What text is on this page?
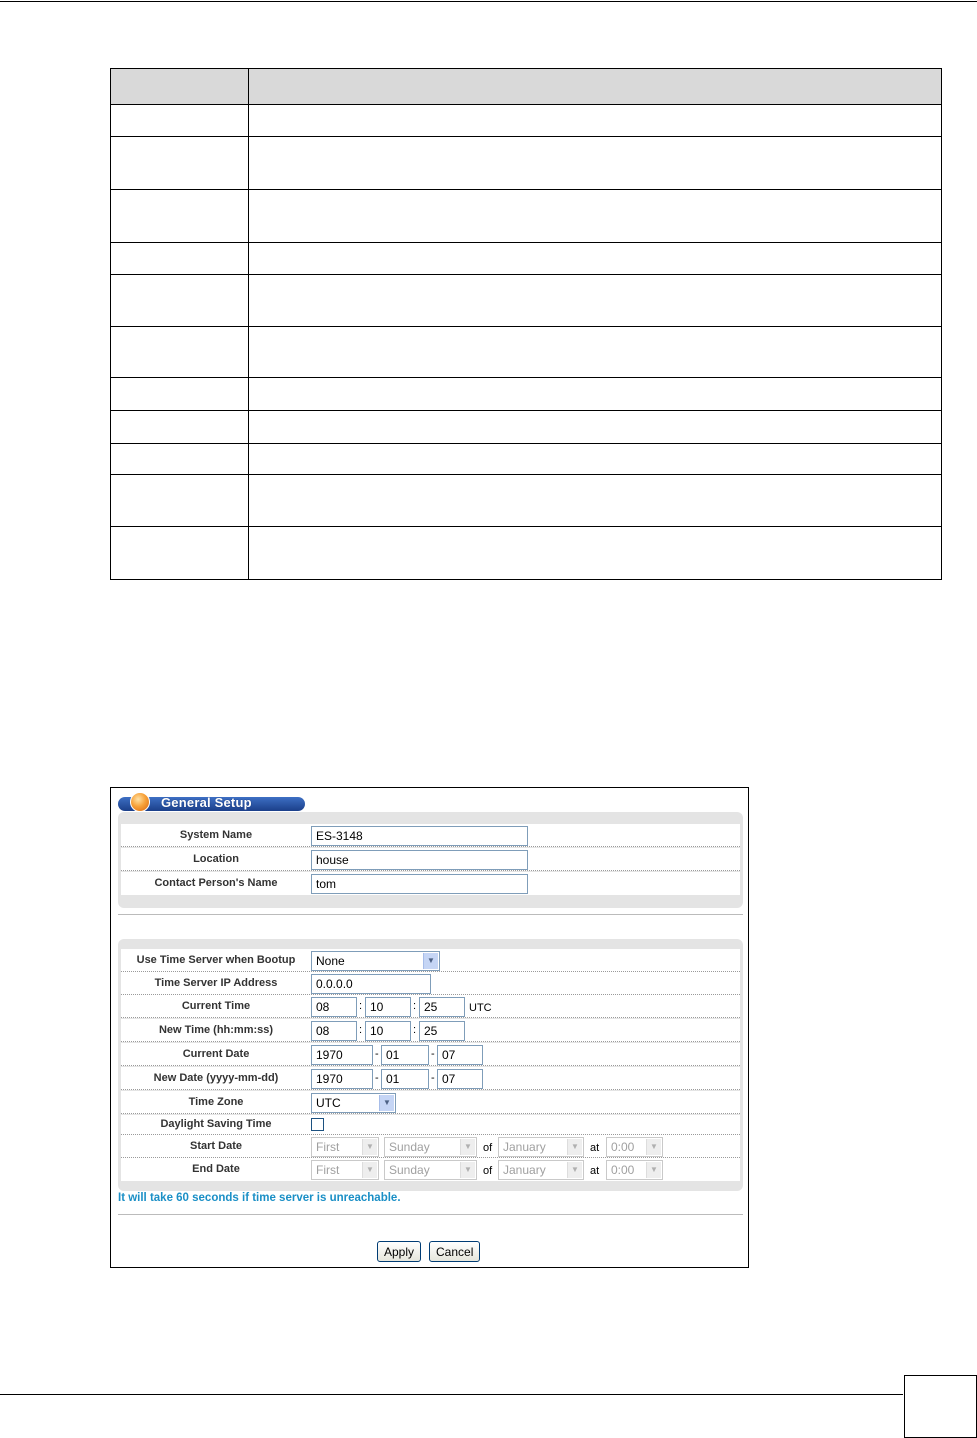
General Setup
System Name	ES-3148
Location	house
Contact Person's Name	tom
Use Time Server when Bootup	None	▼
Time Server IP Address	0.0.0.0
Current Time	08	: 10	: 25	UTC
New Time (hh:mm:ss)	08	: 10	: 25
Current Date	1970	- 01	- 07
New Date (yyyy-mm-dd)	1970	- 01	- 07
Time Zone	UTC	▼
Daylight Saving Time
Start Date	First	▼	Sunday	▼ of January	▼ at 0:00	▼
End Date	First	▼	Sunday	▼ of January	▼ at 0:00	▼
It will take 60 seconds if time server is unreachable.
Apply	Cancel
